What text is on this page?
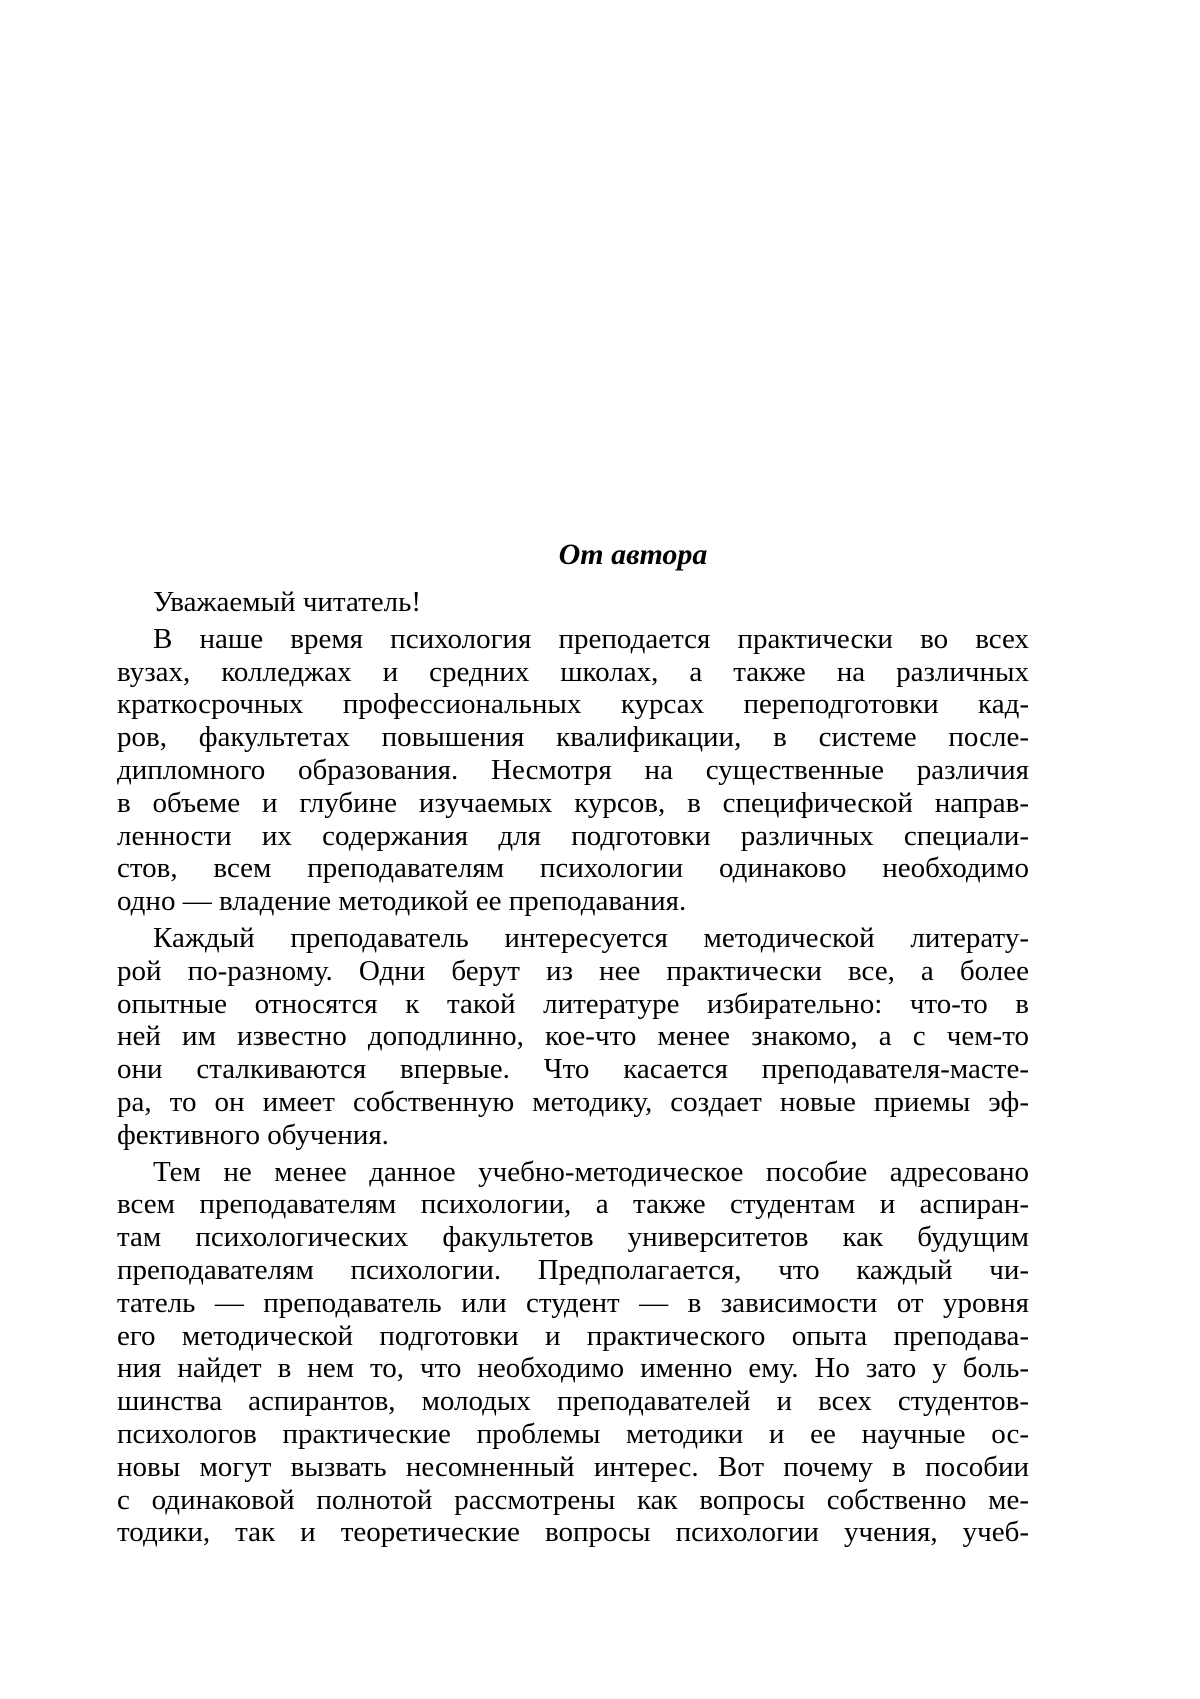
От автора
Уважаемый читатель!
В наше время психология преподается практически во всех
вузах, колледжах и средних школах, а также на различных
краткосрочных профессиональных курсах переподготовки кад-
ров, факультетах повышения квалификации, в системе после-
дипломного образования. Несмотря на существенные различия
в объеме и глубине изучаемых курсов, в специфической направ-
ленности их содержания для подготовки различных специали-
стов, всем преподавателям психологии одинаково необходимо
одно — владение методикой ее преподавания.
Каждый преподаватель интересуется методической литерату-
рой по-разному. Одни берут из нее практически все, а более
опытные относятся к такой литературе избирательно: что-то в
ней им известно доподлинно, кое-что менее знакомо, а с чем-то
они сталкиваются впервые. Что касается преподавателя-масте-
ра, то он имеет собственную методику, создает новые приемы эф-
фективного обучения.
Тем не менее данное учебно-методическое пособие адресовано
всем преподавателям психологии, а также студентам и аспиран-
там психологических факультетов университетов как будущим
преподавателям психологии. Предполагается, что каждый чи-
татель — преподаватель или студент — в зависимости от уровня
его методической подготовки и практического опыта преподава-
ния найдет в нем то, что необходимо именно ему. Но зато у боль-
шинства аспирантов, молодых преподавателей и всех студентов-
психологов практические проблемы методики и ее научные ос-
новы могут вызвать несомненный интерес. Вот почему в пособии
с одинаковой полнотой рассмотрены как вопросы собственно ме-
тодики, так и теоретические вопросы психологии учения, учеб-
